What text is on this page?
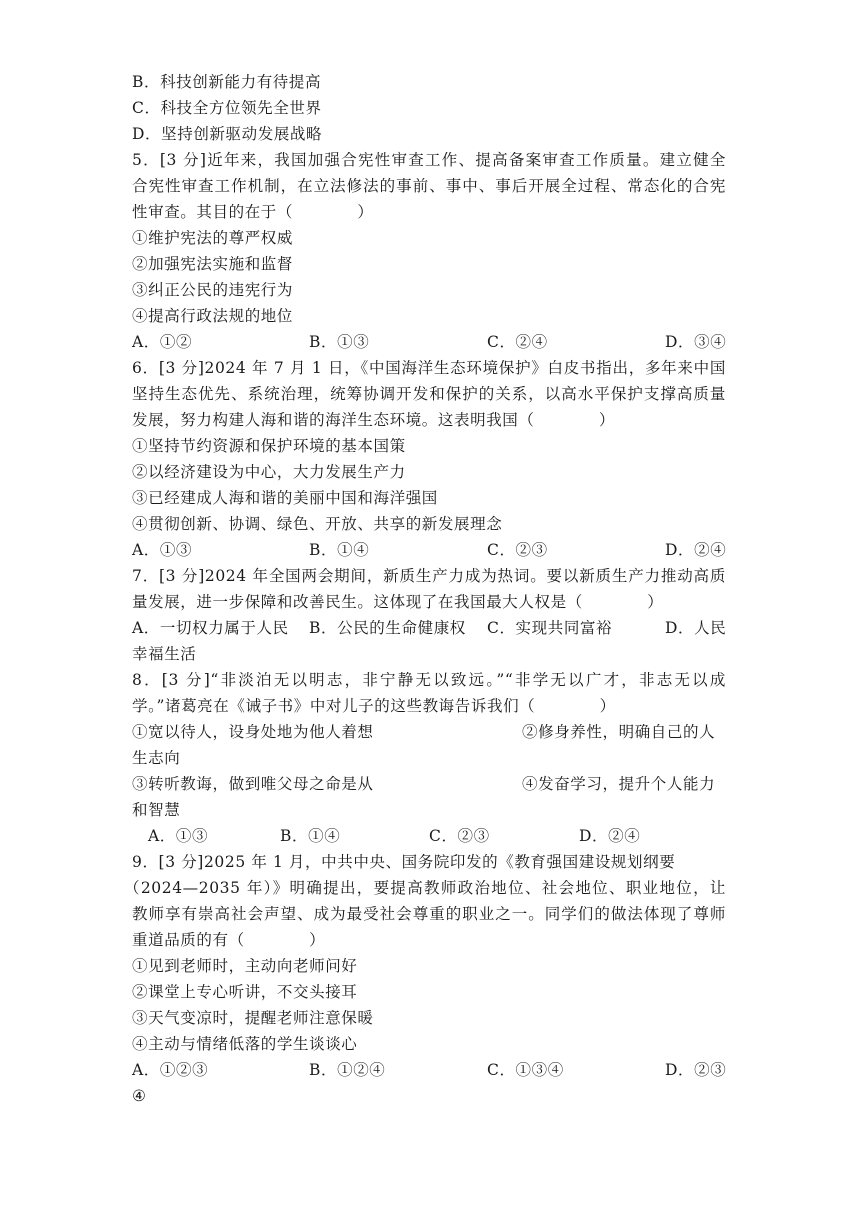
B．科技创新能力有待提高
C．科技全方位领先全世界
D．坚持创新驱动发展战略
5．[3 分]近年来，我国加强合宪性审查工作、提高备案审查工作质量。建立健全
合宪性审查工作机制，在立法修法的事前、事中、事后开展全过程、常态化的合宪
性审查。其目的在于（　　　　）
①维护宪法的尊严权威
②加强宪法实施和监督
③纠正公民的违宪行为
④提高行政法规的地位
A．①②	B．①③	C．②④	D．③④
6．[3 分]2024 年 7 月 1 日，《中国海洋生态环境保护》白皮书指出，多年来中国
坚持生态优先、系统治理，统筹协调开发和保护的关系，以高水平保护支撑高质量
发展，努力构建人海和谐的海洋生态环境。这表明我国（　　　　）
①坚持节约资源和保护环境的基本国策
②以经济建设为中心，大力发展生产力
③已经建成人海和谐的美丽中国和海洋强国
④贯彻创新、协调、绿色、开放、共享的新发展理念
A．①③	B．①④	C．②③	D．②④
7．[3 分]2024 年全国两会期间，新质生产力成为热词。要以新质生产力推动高质
量发展，进一步保障和改善民生。这体现了在我国最大人权是（　　　　）
A．一切权力属于人民 B．公民的生命健康权 C．实现共同富裕	D．人民
幸福生活
8．[3 分]“非淡泊无以明志，非宁静无以致远。”“非学无以广才，非志无以成
学。”诸葛亮在《诫子书》中对儿子的这些教诲告诉我们（　　　　）
①宽以待人，设身处地为他人着想	②修身养性，明确自己的人
生志向
③转听教诲，做到唯父母之命是从	④发奋学习，提升个人能力
和智慧
A．①③	B．①④	C．②③	D．②④
9．[3 分]2025 年 1 月，中共中央、国务院印发的《教育强国建设规划纲要
（2024—2035 年）》明确提出，要提高教师政治地位、社会地位、职业地位，让
教师享有崇高社会声望、成为最受社会尊重的职业之一。同学们的做法体现了尊师
重道品质的有（　　　　）
①见到老师时，主动向老师问好
②课堂上专心听讲，不交头接耳
③天气变凉时，提醒老师注意保暖
④主动与情绪低落的学生谈谈心
A．①②③	B．①②④	C．①③④	D．②③
④
